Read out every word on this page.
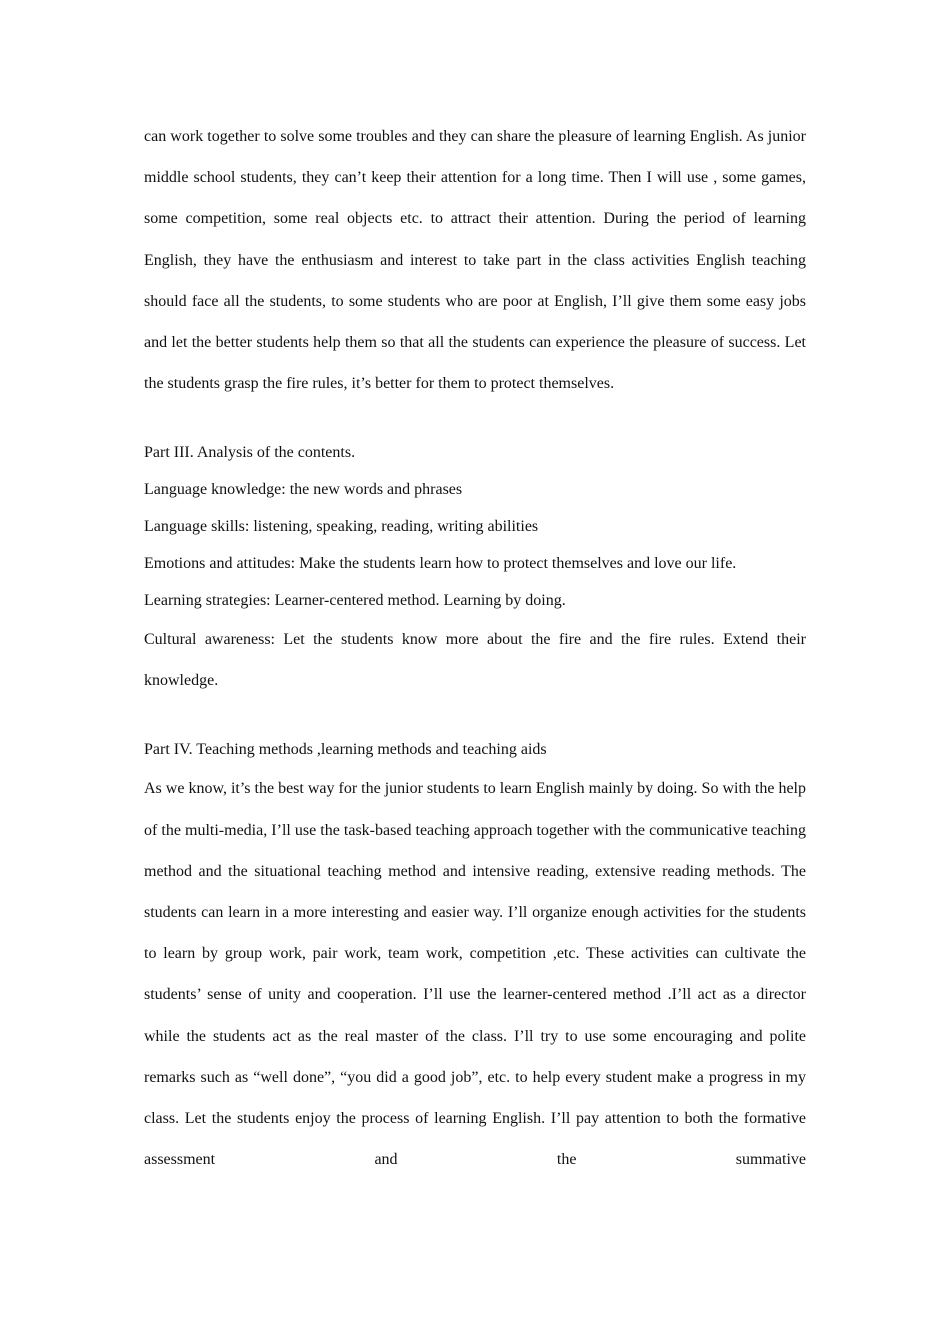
can work together to solve some troubles and they can share the pleasure of learning English. As junior middle school students, they can’t keep their attention for a long time. Then I will use , some games, some competition, some real objects etc. to attract their attention. During the period of learning English, they have the enthusiasm and interest to take part in the class activities English teaching should face all the students, to some students who are poor at English, I’ll give them some easy jobs and let the better students help them so that all the students can experience the pleasure of success. Let the students grasp the fire rules, it’s better for them to protect themselves.

Part III. Analysis of the contents.

Language knowledge: the new words and phrases

Language skills: listening, speaking, reading, writing abilities

Emotions and attitudes: Make the students learn how to protect themselves and love our life.

Learning strategies: Learner-centered method. Learning by doing.

Cultural awareness: Let the students know more about the fire and the fire rules. Extend their knowledge.

Part IV. Teaching methods ,learning methods and teaching aids

As we know, it’s the best way for the junior students to learn English mainly by doing. So with the help of the multi-media, I’ll use the task-based teaching approach together with the communicative teaching method and the situational teaching method and intensive reading, extensive reading methods. The students can learn in a more interesting and easier way. I’ll organize enough activities for the students to learn by group work, pair work, team work, competition ,etc. These activities can cultivate the students’ sense of unity and cooperation. I’ll use the learner-centered method .I’ll act as a director while the students act as the real master of the class. I’ll try to use some encouraging and polite remarks such as “well done”, “you did a good job”, etc. to help every student make a progress in my class. Let the students enjoy the process of learning English. I’ll pay attention to both the formative assessment and the summative
